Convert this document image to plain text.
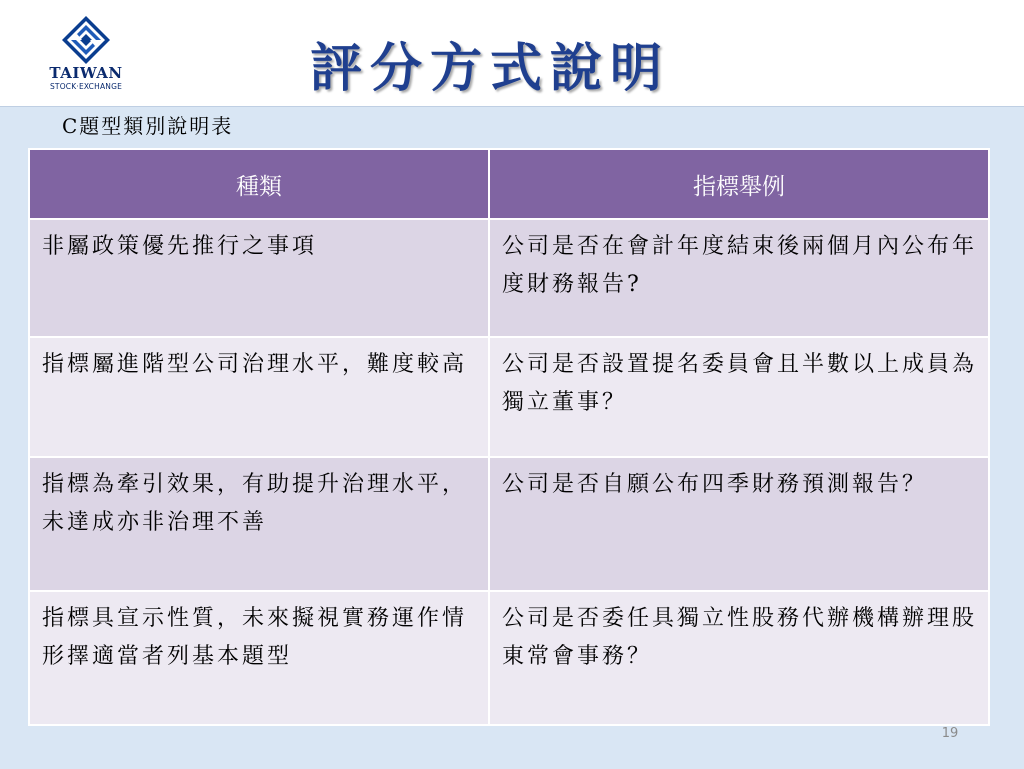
TAIWAN
STOCK·EXCHANGE	評分方式說明
C題型類別說明表
種類	指標舉例
非屬政策優先推行之事項	公司是否在會計年度結束後兩個月內公布年度財務報告?
指標屬進階型公司治理水平，難度較高	公司是否設置提名委員會且半數以上成員為獨立董事？
指標為牽引效果，有助提升治理水平，未達成亦非治理不善	公司是否自願公布四季財務預測報告？
指標具宣示性質，未來擬視實務運作情形擇適當者列基本題型	公司是否委任具獨立性股務代辦機構辦理股東常會事務？
19
